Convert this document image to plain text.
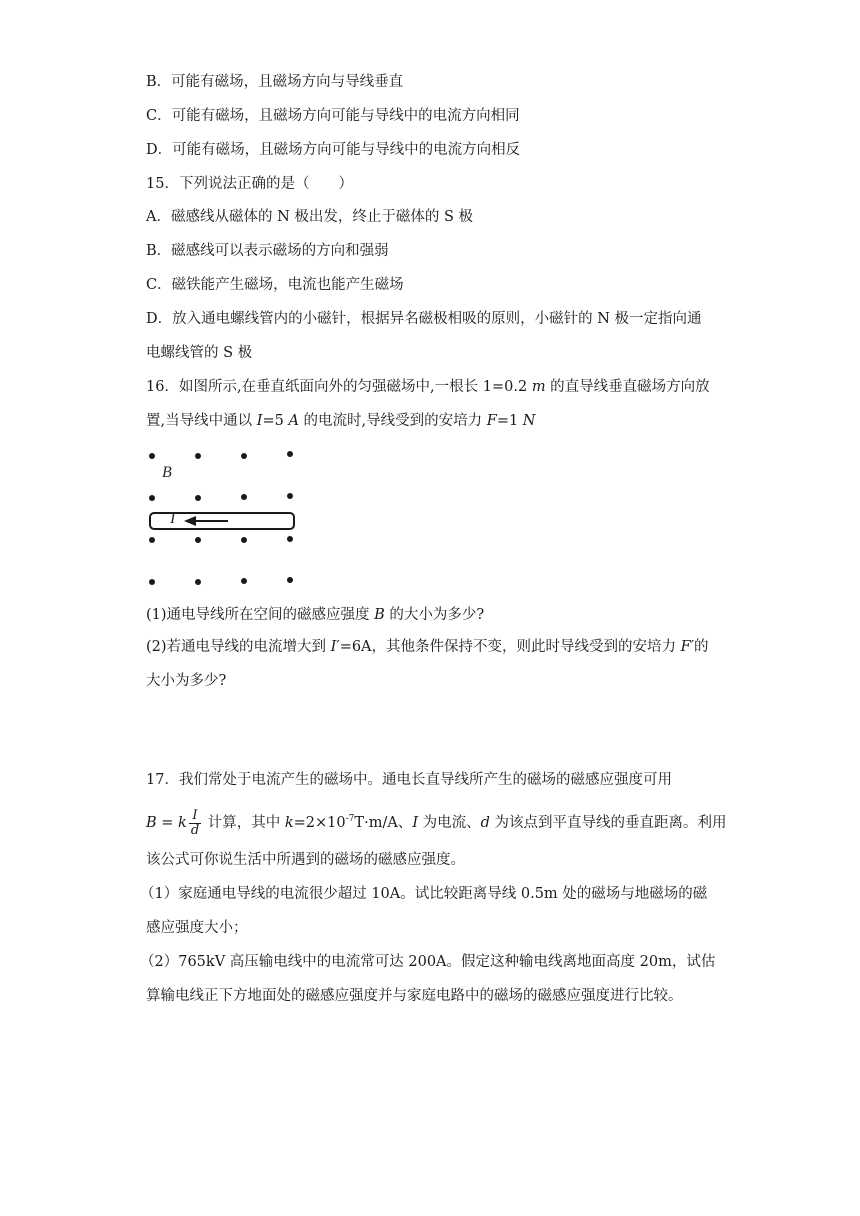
B．可能有磁场，且磁场方向与导线垂直
C．可能有磁场，且磁场方向可能与导线中的电流方向相同
D．可能有磁场，且磁场方向可能与导线中的电流方向相反
15．下列说法正确的是（　　）
A．磁感线从磁体的 N 极出发，终止于磁体的 S 极
B．磁感线可以表示磁场的方向和强弱
C．磁铁能产生磁场，电流也能产生磁场
D．放入通电螺线管内的小磁针，根据异名磁极相吸的原则，小磁针的 N 极一定指向通
电螺线管的 S 极
16．如图所示,在垂直纸面向外的匀强磁场中,一根长 1=0.2 m 的直导线垂直磁场方向放
置,当导线中通以 I=5 A 的电流时,导线受到的安培力 F=1 N
B
I
(1)通电导线所在空间的磁感应强度 B 的大小为多少?
(2)若通电导线的电流增大到 I′=6A，其他条件保持不变，则此时导线受到的安培力 F′的
大小为多少?
17．我们常处于电流产生的磁场中。通电长直导线所产生的磁场的磁感应强度可用
B = k $\frac{I}{d}$ 计算，其中 $k=2\times 10^{-7}T\cdot m/A$、I 为电流、d 为该点到平直导线的垂直距离。利用
该公式可你说生活中所遇到的磁场的磁感应强度。
（1）家庭通电导线的电流很少超过 10A。试比较距离导线 0.5m 处的磁场与地磁场的磁
感应强度大小；
（2）765kV 高压输电线中的电流常可达 200A。假定这种输电线离地面高度 20m，试估
算输电线正下方地面处的磁感应强度并与家庭电路中的磁场的磁感应强度进行比较。
